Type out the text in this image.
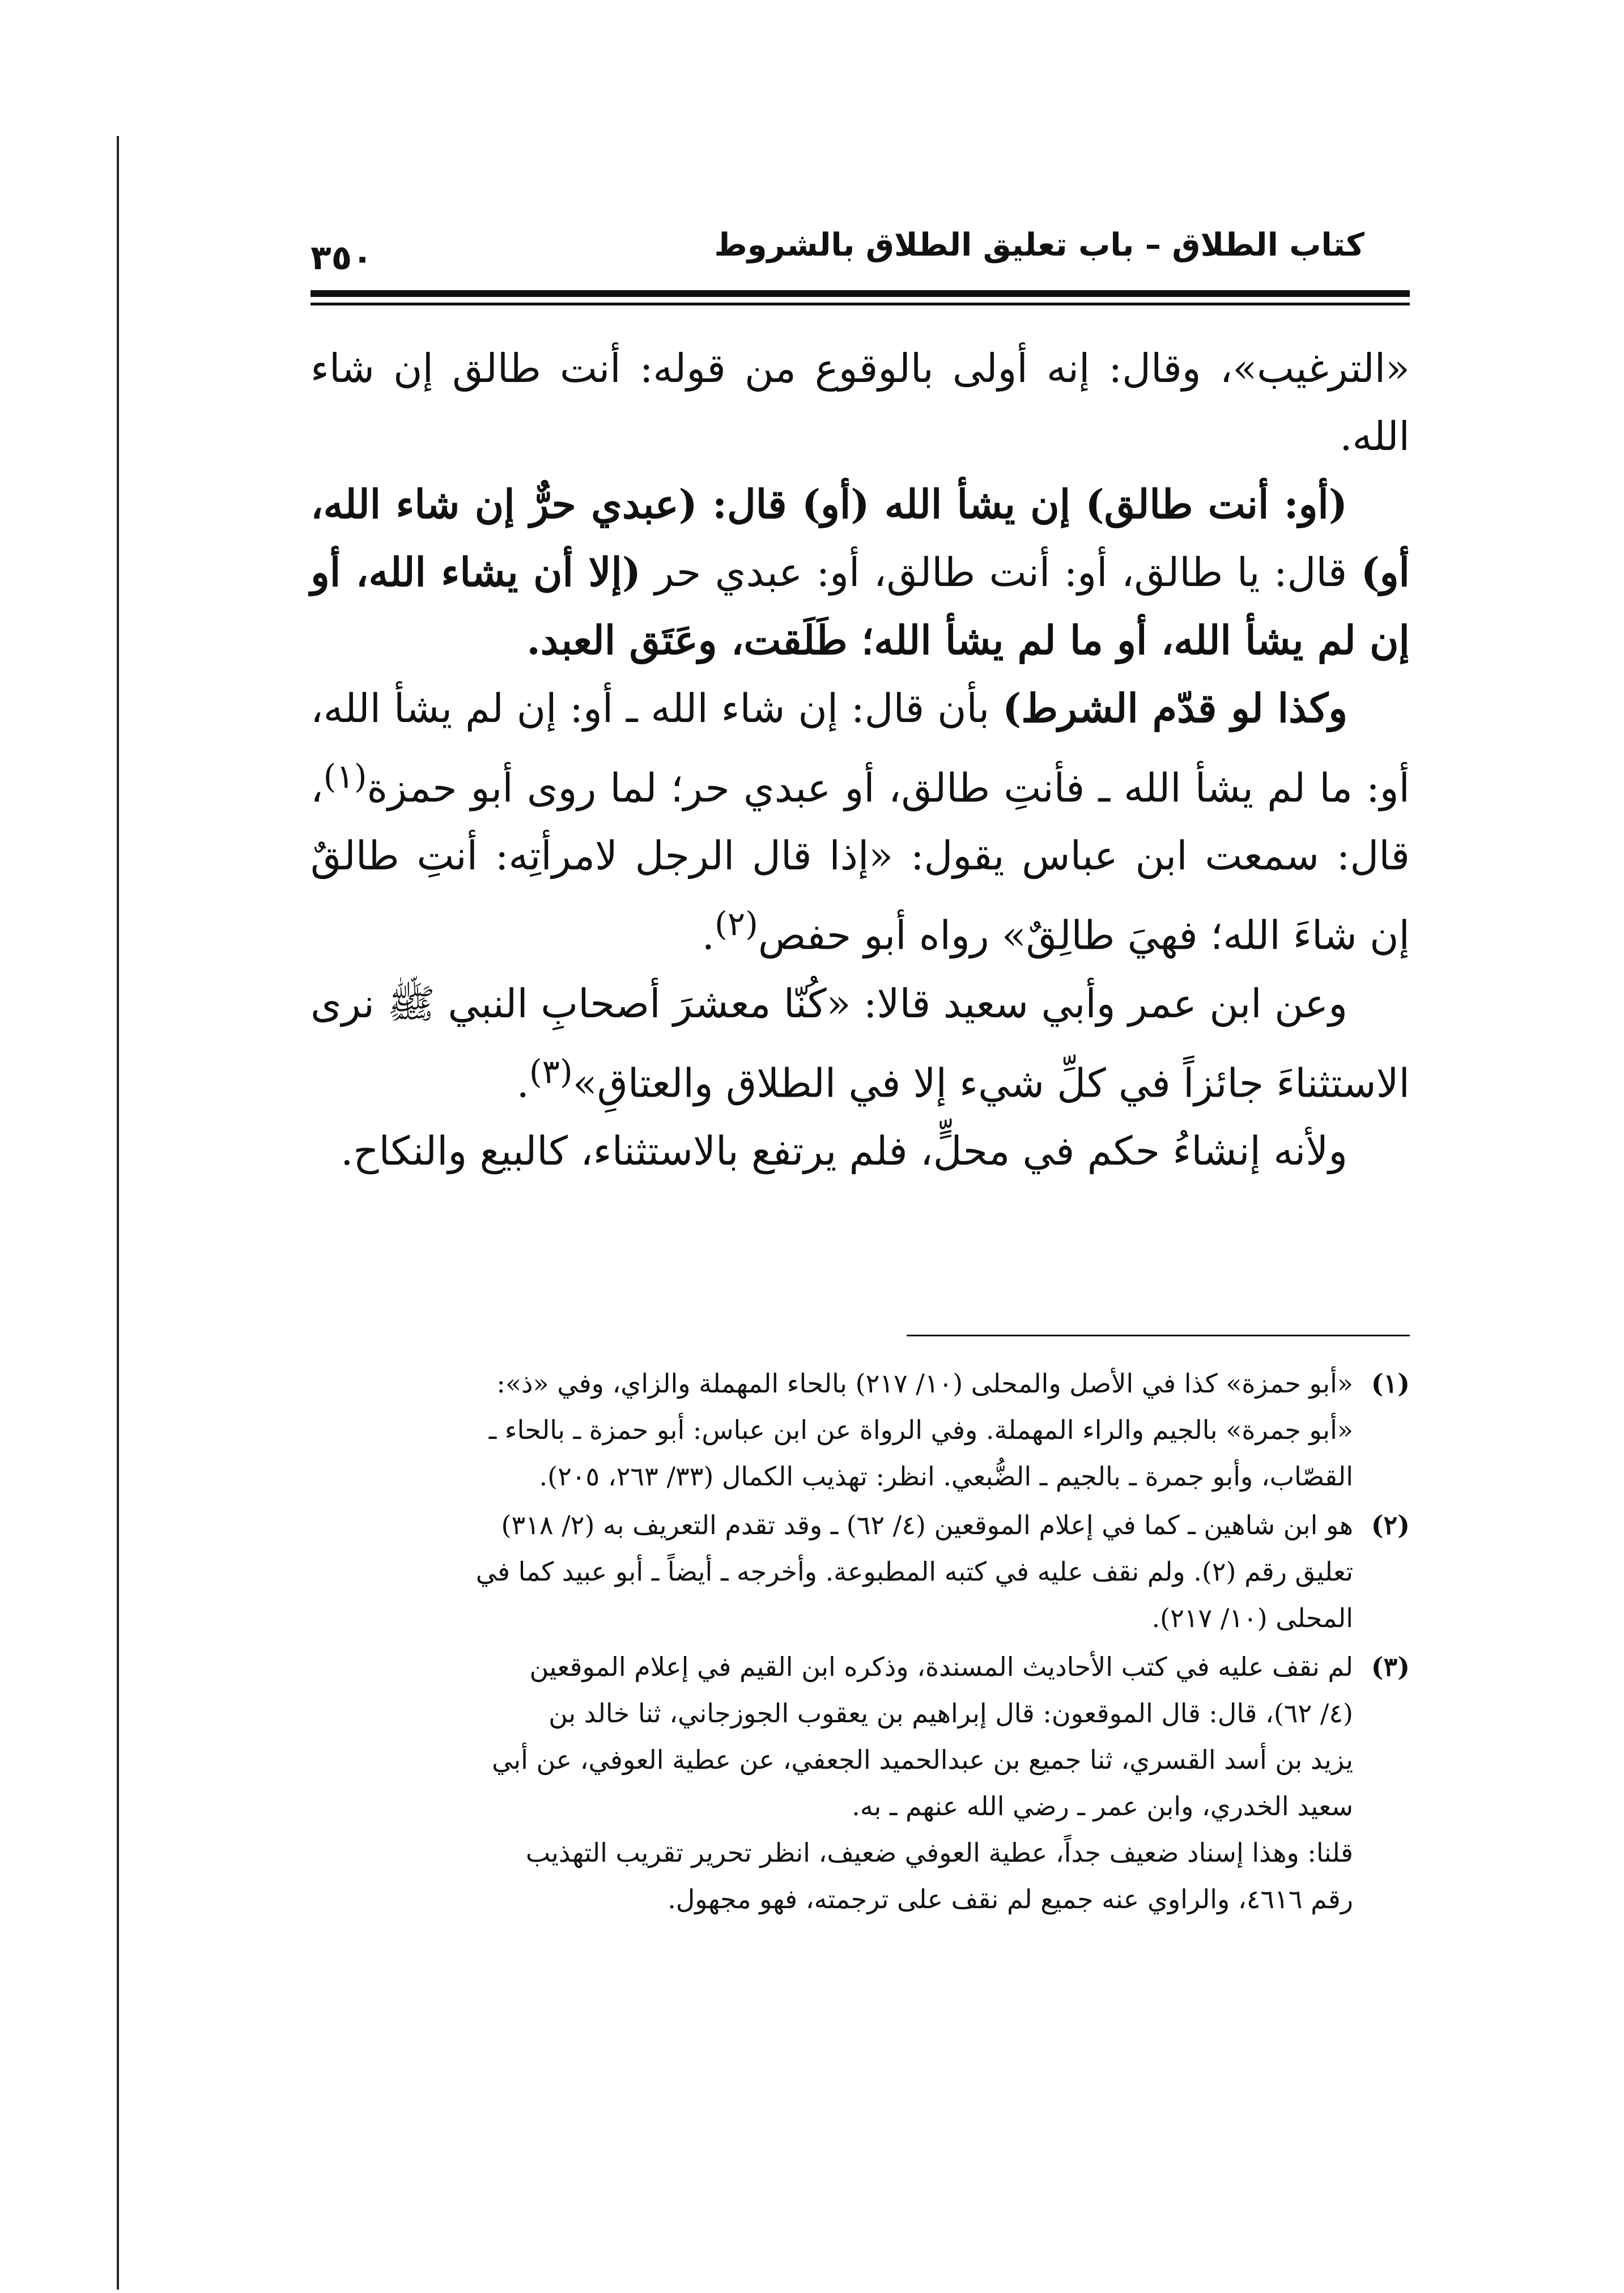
٣٥٠	كتاب الطلاق – باب تعليق الطلاق بالشروط

«الترغيب»، وقال: إنه أولى بالوقوع من قوله: أنت طالق إن شاء الله.

(أو: أنت طالق) إن يشأ الله (أو) قال: (عبدي حرٌّ إن شاء الله، أو) قال: يا طالق، أو: أنت طالق، أو: عبدي حر (إلا أن يشاء الله، أو إن لم يشأ الله، أو ما لم يشأ الله؛ طَلَقت، وعَتَق العبد.

وكذا لو قدّم الشرط) بأن قال: إن شاء الله ـ أو: إن لم يشأ الله، أو: ما لم يشأ الله ـ فأنتِ طالق، أو عبدي حر؛ لما روى أبو حمزة$^{(١)}$، قال: سمعت ابن عباس يقول: «إذا قال الرجل لامرأتِه: أنتِ طالقٌ إن شاءَ الله؛ فهيَ طالِقٌ» رواه أبو حفص$^{(٢)}$.

وعن ابن عمر وأبي سعيد قالا: «كُنّا معشرَ أصحابِ النبي ﷺ نرى الاستثناءَ جائزاً في كلِّ شيء إلا في الطلاق والعتاقِ»$^{(٣)}$.

ولأنه إنشاءُ حكم في محلٍّ، فلم يرتفع بالاستثناء، كالبيع والنكاح.

(١)
«أبو حمزة» كذا في الأصل والمحلى (١٠/ ٢١٧) بالحاء المهملة والزاي، وفي «ذ»:
«أبو جمرة» بالجيم والراء المهملة. وفي الرواة عن ابن عباس: أبو حمزة ـ بالحاء ـ
القصّاب، وأبو جمرة ـ بالجيم ـ الضُّبعي. انظر: تهذيب الكمال (٣٣/ ٢٦٣، ٢٠٥).
(٢)
هو ابن شاهين ـ كما في إعلام الموقعين (٤/ ٦٢) ـ وقد تقدم التعريف به (٢/ ٣١٨)
تعليق رقم (٢). ولم نقف عليه في كتبه المطبوعة. وأخرجه ـ أيضاً ـ أبو عبيد كما في
المحلى (١٠/ ٢١٧).
(٣)
لم نقف عليه في كتب الأحاديث المسندة، وذكره ابن القيم في إعلام الموقعين
(٤/ ٦٢)، قال: قال الموقعون: قال إبراهيم بن يعقوب الجوزجاني، ثنا خالد بن
يزيد بن أسد القسري، ثنا جميع بن عبدالحميد الجعفي، عن عطية العوفي، عن أبي
سعيد الخدري، وابن عمر ـ رضي الله عنهم ـ به.
قلنا: وهذا إسناد ضعيف جداً، عطية العوفي ضعيف، انظر تحرير تقريب التهذيب
رقم ٤٦١٦، والراوي عنه جميع لم نقف على ترجمته، فهو مجهول.
